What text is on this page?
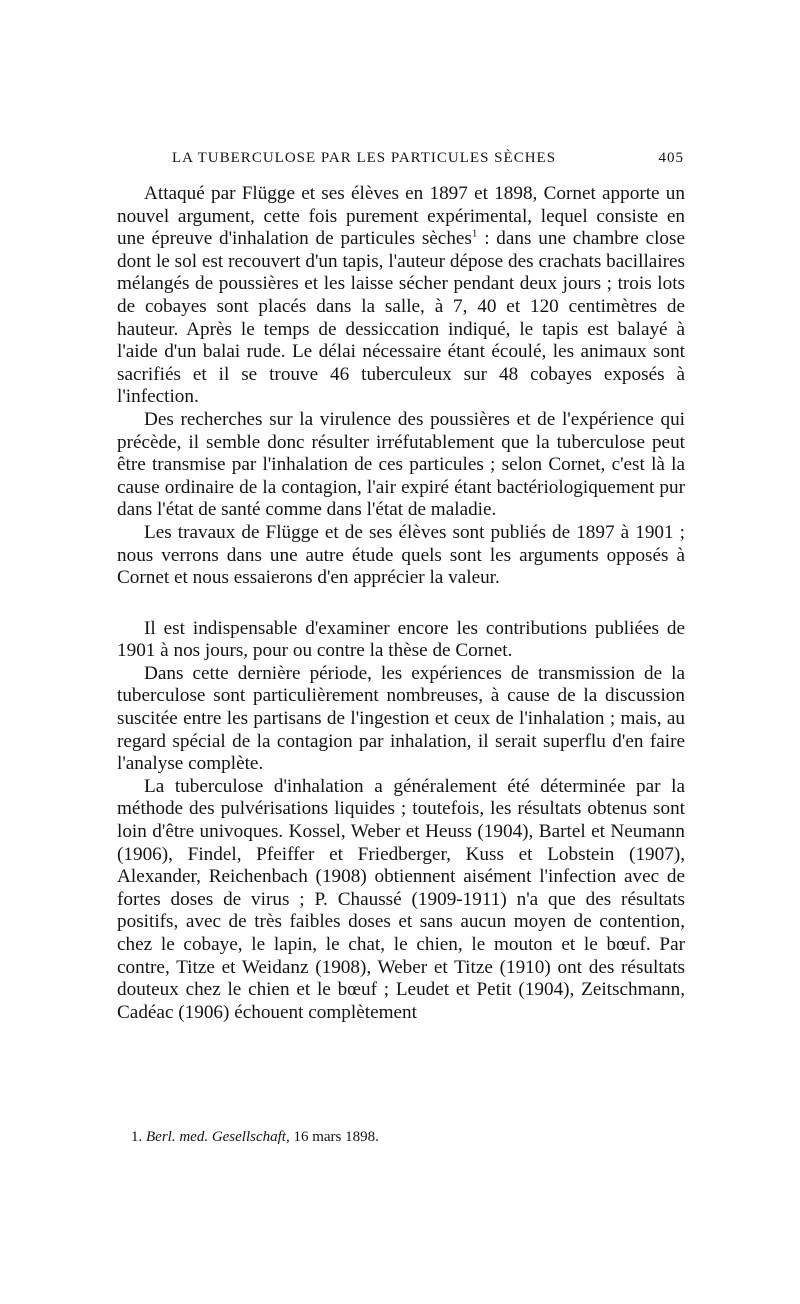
LA TUBERCULOSE PAR LES PARTICULES SÈCHES	405

Attaqué par Flügge et ses élèves en 1897 et 1898, Cornet apporte un nouvel argument, cette fois purement expérimental, lequel consiste en une épreuve d'inhalation de particules sèches$^1$ : dans une chambre close dont le sol est recouvert d'un tapis, l'auteur dépose des crachats bacillaires mélangés de poussières et les laisse sécher pendant deux jours ; trois lots de cobayes sont placés dans la salle, à 7, 40 et 120 centimètres de hauteur. Après le temps de dessiccation indiqué, le tapis est balayé à l'aide d'un balai rude. Le délai nécessaire étant écoulé, les animaux sont sacrifiés et il se trouve 46 tuberculeux sur 48 cobayes exposés à l'infection.

Des recherches sur la virulence des poussières et de l'expérience qui précède, il semble donc résulter irréfutablement que la tuberculose peut être transmise par l'inhalation de ces particules ; selon Cornet, c'est là la cause ordinaire de la contagion, l'air expiré étant bactériologiquement pur dans l'état de santé comme dans l'état de maladie.

Les travaux de Flügge et de ses élèves sont publiés de 1897 à 1901 ; nous verrons dans une autre étude quels sont les arguments opposés à Cornet et nous essaierons d'en apprécier la valeur.

Il est indispensable d'examiner encore les contributions publiées de 1901 à nos jours, pour ou contre la thèse de Cornet.

Dans cette dernière période, les expériences de transmission de la tuberculose sont particulièrement nombreuses, à cause de la discussion suscitée entre les partisans de l'ingestion et ceux de l'inhalation ; mais, au regard spécial de la contagion par inhalation, il serait superflu d'en faire l'analyse complète.

La tuberculose d'inhalation a généralement été déterminée par la méthode des pulvérisations liquides ; toutefois, les résultats obtenus sont loin d'être univoques. Kossel, Weber et Heuss (1904), Bartel et Neumann (1906), Findel, Pfeiffer et Friedberger, Kuss et Lobstein (1907), Alexander, Reichenbach (1908) obtiennent aisément l'infection avec de fortes doses de virus ; P. Chaussé (1909-1911) n'a que des résultats positifs, avec de très faibles doses et sans aucun moyen de contention, chez le cobaye, le lapin, le chat, le chien, le mouton et le bœuf. Par contre, Titze et Weidanz (1908), Weber et Titze (1910) ont des résultats douteux chez le chien et le bœuf ; Leudet et Petit (1904), Zeitschmann, Cadéac (1906) échouent complètement

1. Berl. med. Gesellschaft, 16 mars 1898.
